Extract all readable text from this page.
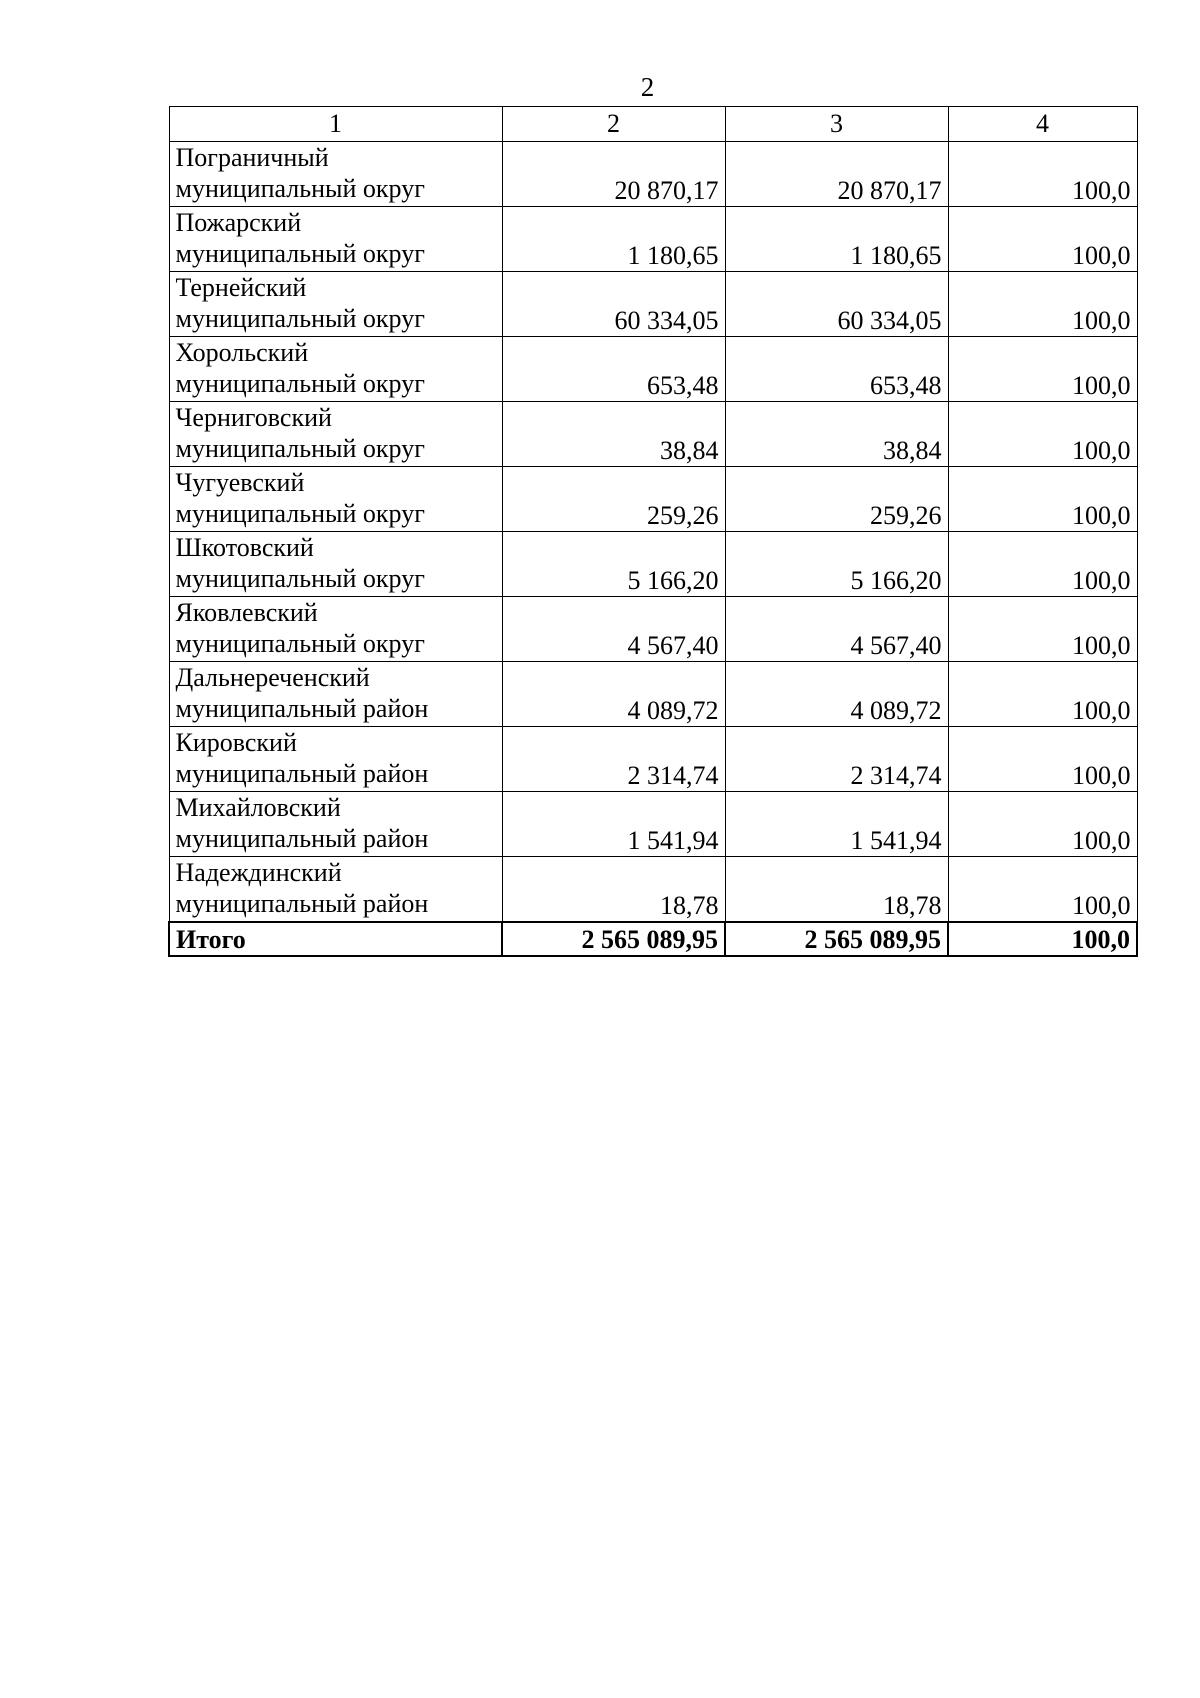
2
1	2	3	4
Пограничный
муниципальный округ	20 870,17	20 870,17	100,0
Пожарский
муниципальный округ	1 180,65	1 180,65	100,0
Тернейский
муниципальный округ	60 334,05	60 334,05	100,0
Хорольский
муниципальный округ	653,48	653,48	100,0
Черниговский
муниципальный округ	38,84	38,84	100,0
Чугуевский
муниципальный округ	259,26	259,26	100,0
Шкотовский
муниципальный округ	5 166,20	5 166,20	100,0
Яковлевский
муниципальный округ	4 567,40	4 567,40	100,0
Дальнереченский
муниципальный район	4 089,72	4 089,72	100,0
Кировский
муниципальный район	2 314,74	2 314,74	100,0
Михайловский
муниципальный район	1 541,94	1 541,94	100,0
Надеждинский
муниципальный район	18,78	18,78	100,0
Итого	2 565 089,95	2 565 089,95	100,0
